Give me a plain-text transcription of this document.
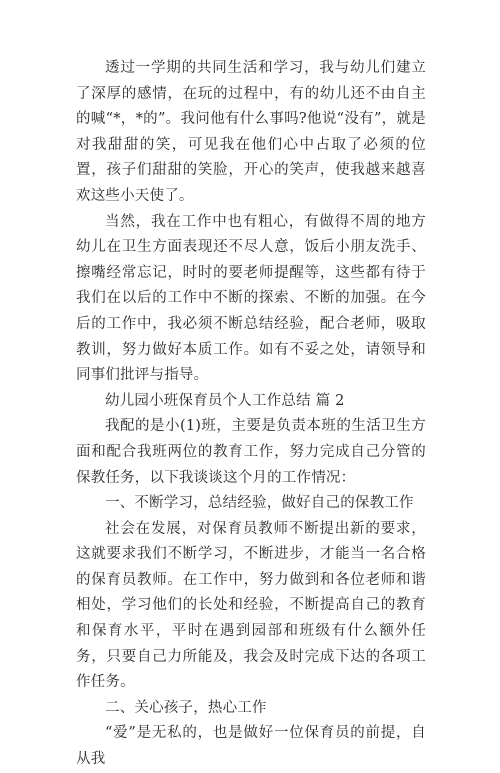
透过一学期的共同生活和学习，我与幼儿们建立了深厚的感情，在玩的过程中，有的幼儿还不由自主的喊“*，*的”。我问他有什么事吗?他说“没有”，就是对我甜甜的笑，可见我在他们心中占取了必须的位置，孩子们甜甜的笑脸，开心的笑声，使我越来越喜欢这些小天使了。

当然，我在工作中也有粗心，有做得不周的地方幼儿在卫生方面表现还不尽人意，饭后小朋友洗手、擦嘴经常忘记，时时的要老师提醒等，这些都有待于我们在以后的工作中不断的探索、不断的加强。在今后的工作中，我必须不断总结经验，配合老师，吸取教训，努力做好本质工作。如有不妥之处，请领导和同事们批评与指导。

幼儿园小班保育员个人工作总结 篇 2

我配的是小(1)班，主要是负责本班的生活卫生方面和配合我班两位的教育工作，努力完成自己分管的保教任务，以下我谈谈这个月的工作情况：

一、不断学习，总结经验，做好自己的保教工作

社会在发展，对保育员教师不断提出新的要求，这就要求我们不断学习，不断进步，才能当一名合格的保育员教师。在工作中，努力做到和各位老师和谐相处，学习他们的长处和经验，不断提高自己的教育和保育水平，平时在遇到园部和班级有什么额外任务，只要自己力所能及，我会及时完成下达的各项工作任务。

二、关心孩子，热心工作

“爱”是无私的，也是做好一位保育员的前提，自从我
